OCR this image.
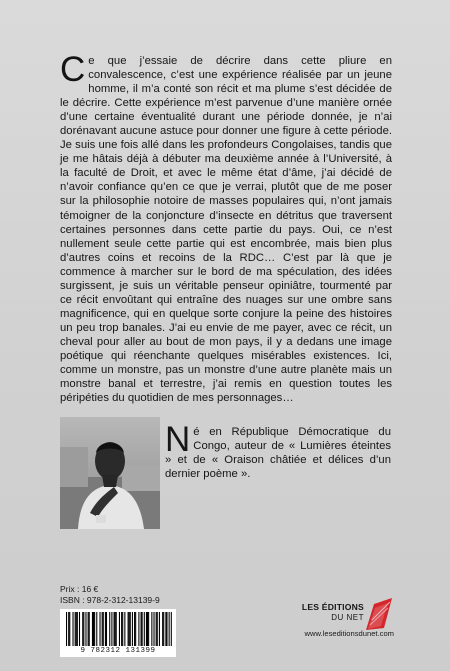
Ce que j’essaie de décrire dans cette pliure en convalescence, c’est une expérience réalisée par un jeune homme, il m’a conté son récit et ma plume s’est décidée de le décrire. Cette expérience m’est parvenue d’une manière ornée d’une certaine éventualité durant une période donnée, je n’ai dorénavant aucune astuce pour donner une figure à cette période. Je suis une fois allé dans les profondeurs Congolaises, tandis que je me hâtais déjà à débuter ma deuxième année à l’Université, à la faculté de Droit, et avec le même état d’âme, j’ai décidé de n’avoir confiance qu’en ce que je verrai, plutôt que de me poser sur la philosophie notoire de masses populaires qui, n’ont jamais témoigner de la conjoncture d’insecte en détritus que traversent certaines personnes dans cette partie du pays. Oui, ce n’est nullement seule cette partie qui est encombrée, mais bien plus d’autres coins et recoins de la RDC… C’est par là que je commence à marcher sur le bord de ma spéculation, des idées surgissent, je suis un véritable penseur opiniâtre, tourmenté par ce récit envoûtant qui entraîne des nuages sur une ombre sans magnificence, qui en quelque sorte conjure la peine des histoires un peu trop banales. J’ai eu envie de me payer, avec ce récit, un cheval pour aller au bout de mon pays, il y a dedans une image poétique qui réenchante quelques misérables existences. Ici, comme un monstre, pas un monstre d’une autre planète mais un monstre banal et terrestre, j’ai remis en question toutes les péripéties du quotidien de mes personnages…

Né en République Démocratique du Congo, auteur de « Lumières éteintes » et de « Oraison châtiée et délices d’un dernier poème ».

Prix : 16 €
ISBN : 978-2-312-13139-9
9 782312 131399
LES ÉDITIONS
DU NET
www.leseditionsdunet.com
